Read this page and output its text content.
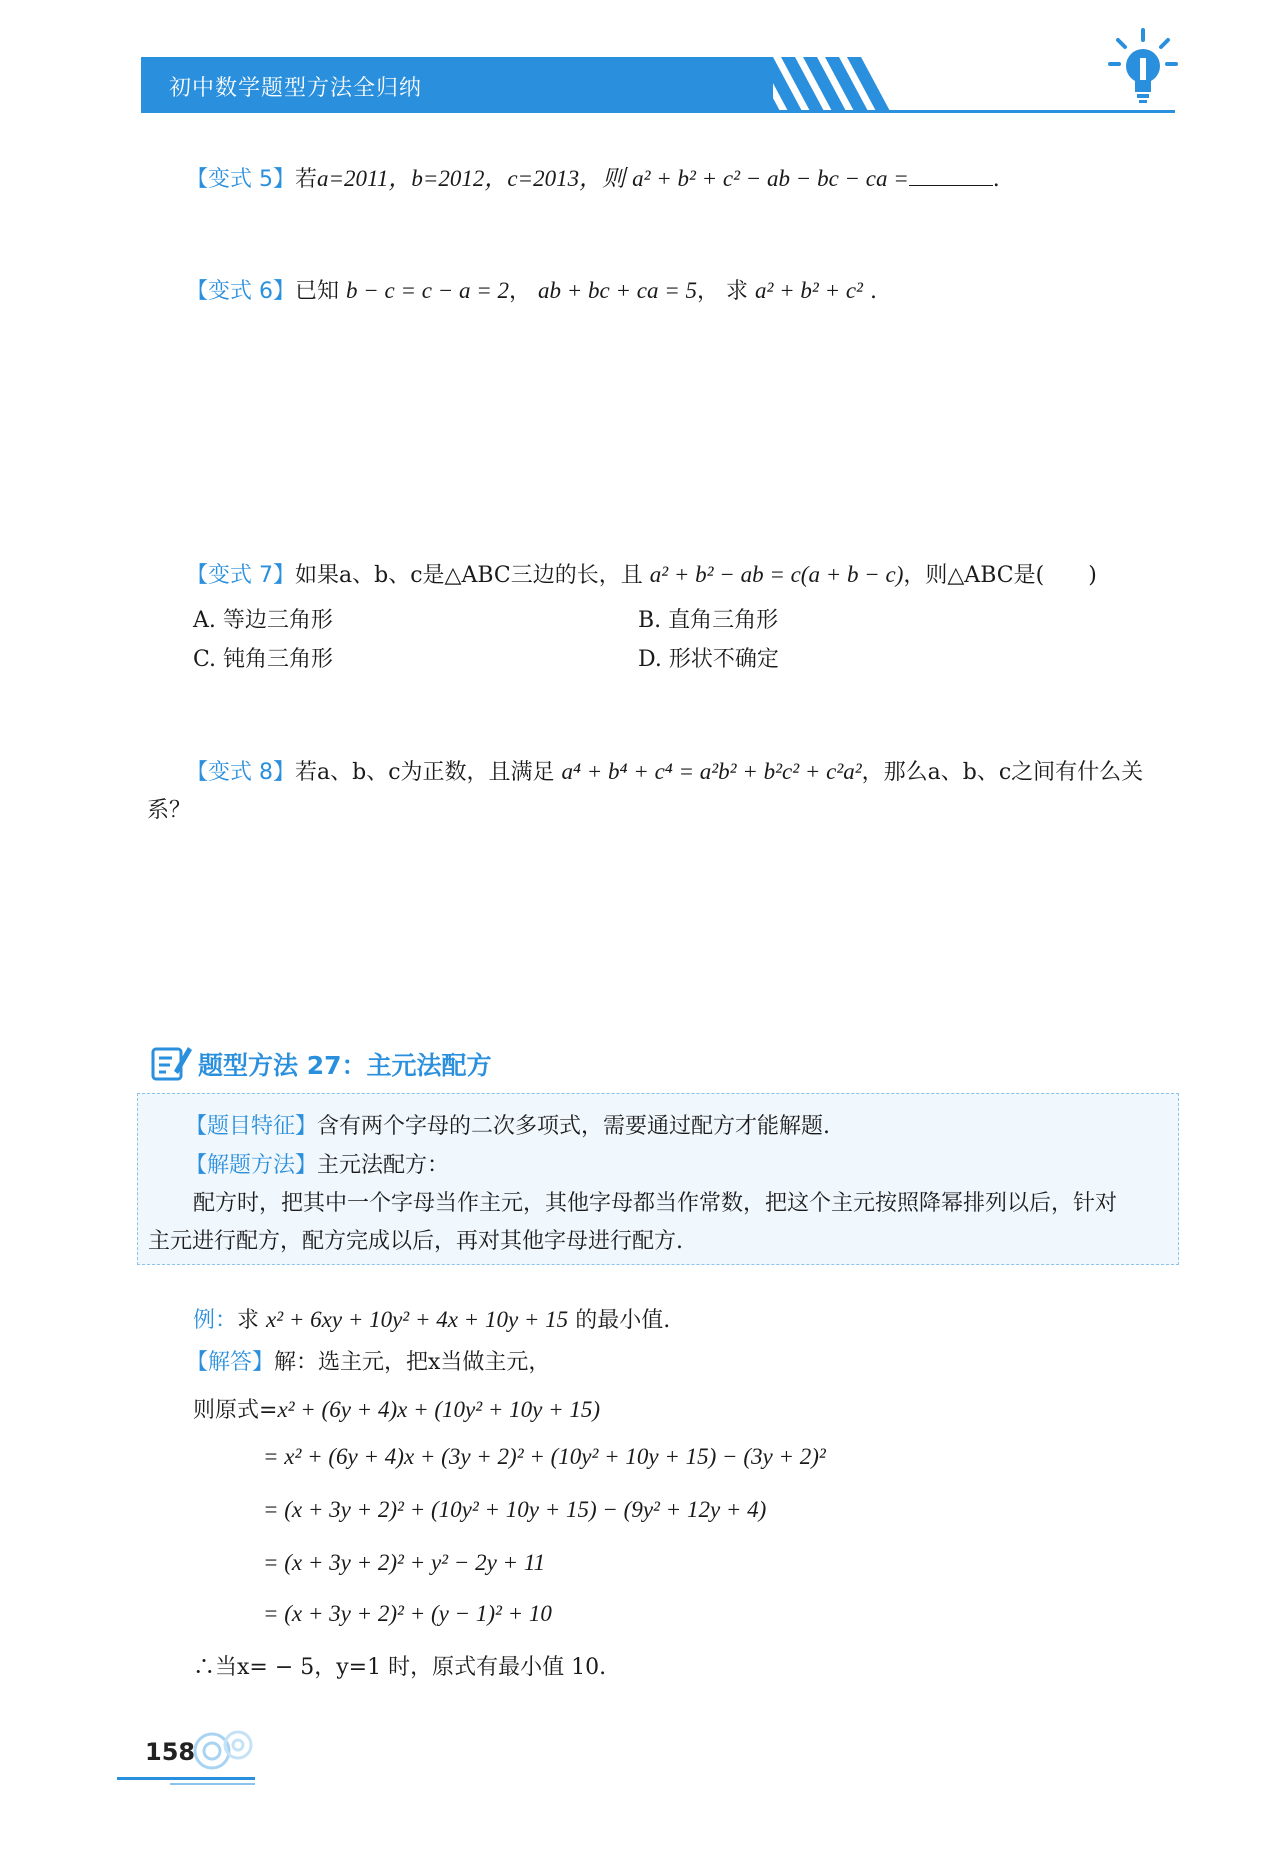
初中数学题型方法全归纳
【变式 5】若a=2011，b=2012，c=2013，则 a² + b² + c² − ab − bc − ca =	.
【变式 6】已知 b − c = c − a = 2， ab + bc + ca = 5， 求 a² + b² + c² .
【变式 7】如果a、b、c是△ABC三边的长，且 a² + b² − ab = c(a + b − c)，则△ABC是(　　)
A. 等边三角形	B. 直角三角形
C. 钝角三角形	D. 形状不确定
【变式 8】若a、b、c为正数，且满足 a⁴ + b⁴ + c⁴ = a²b² + b²c² + c²a²，那么a、b、c之间有什么关
系？
题型方法 27：主元法配方
【题目特征】含有两个字母的二次多项式，需要通过配方才能解题.
【解题方法】主元法配方：
配方时，把其中一个字母当作主元，其他字母都当作常数，把这个主元按照降幂排列以后，针对
主元进行配方，配方完成以后，再对其他字母进行配方.
例：求 x² + 6xy + 10y² + 4x + 10y + 15 的最小值.
【解答】解：选主元，把x当做主元，
则原式=x² + (6y + 4)x + (10y² + 10y + 15)
= x² + (6y + 4)x + (3y + 2)² + (10y² + 10y + 15) − (3y + 2)²
= (x + 3y + 2)² + (10y² + 10y + 15) − (9y² + 12y + 4)
= (x + 3y + 2)² + y² − 2y + 11
= (x + 3y + 2)² + (y − 1)² + 10
∴当x= − 5，y=1 时，原式有最小值 10.
158
